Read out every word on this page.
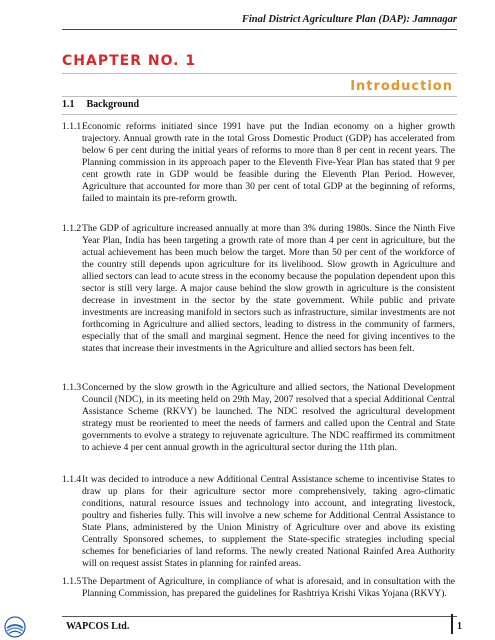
Final District Agriculture Plan (DAP): Jamnagar
CHAPTER NO. 1
Introduction
1.1 Background
1.1.1 Economic reforms initiated since 1991 have put the Indian economy on a higher growth trajectory. Annual growth rate in the total Gross Domestic Product (GDP) has accelerated from below 6 per cent during the initial years of reforms to more than 8 per cent in recent years. The Planning commission in its approach paper to the Eleventh Five-Year Plan has stated that 9 per cent growth rate in GDP would be feasible during the Eleventh Plan Period. However, Agriculture that accounted for more than 30 per cent of total GDP at the beginning of reforms, failed to maintain its pre-reform growth.
1.1.2 The GDP of agriculture increased annually at more than 3% during 1980s. Since the Ninth Five Year Plan, India has been targeting a growth rate of more than 4 per cent in agriculture, but the actual achievement has been much below the target. More than 50 per cent of the workforce of the country still depends upon agriculture for its livelihood. Slow growth in Agriculture and allied sectors can lead to acute stress in the economy because the population dependent upon this sector is still very large. A major cause behind the slow growth in agriculture is the consistent decrease in investment in the sector by the state government. While public and private investments are increasing manifold in sectors such as infrastructure, similar investments are not forthcoming in Agriculture and allied sectors, leading to distress in the community of farmers, especially that of the small and marginal segment. Hence the need for giving incentives to the states that increase their investments in the Agriculture and allied sectors has been felt.
1.1.3 Concerned by the slow growth in the Agriculture and allied sectors, the National Development Council (NDC), in its meeting held on 29th May, 2007 resolved that a special Additional Central Assistance Scheme (RKVY) be launched. The NDC resolved the agricultural development strategy must be reoriented to meet the needs of farmers and called upon the Central and State governments to evolve a strategy to rejuvenate agriculture. The NDC reaffirmed its commitment to achieve 4 per cent annual growth in the agricultural sector during the 11th plan.
1.1.4 It was decided to introduce a new Additional Central Assistance scheme to incentivise States to draw up plans for their agriculture sector more comprehensively, taking agro-climatic conditions, natural resource issues and technology into account, and integrating livestock, poultry and fisheries fully. This will involve a new scheme for Additional Central Assistance to State Plans, administered by the Union Ministry of Agriculture over and above its existing Centrally Sponsored schemes, to supplement the State-specific strategies including special schemes for beneficiaries of land reforms. The newly created National Rainfed Area Authority will on request assist States in planning for rainfed areas.
1.1.5 The Department of Agriculture, in compliance of what is aforesaid, and in consultation with the Planning Commission, has prepared the guidelines for Rashtriya Krishi Vikas Yojana (RKVY).
WAPCOS Ltd.	1
